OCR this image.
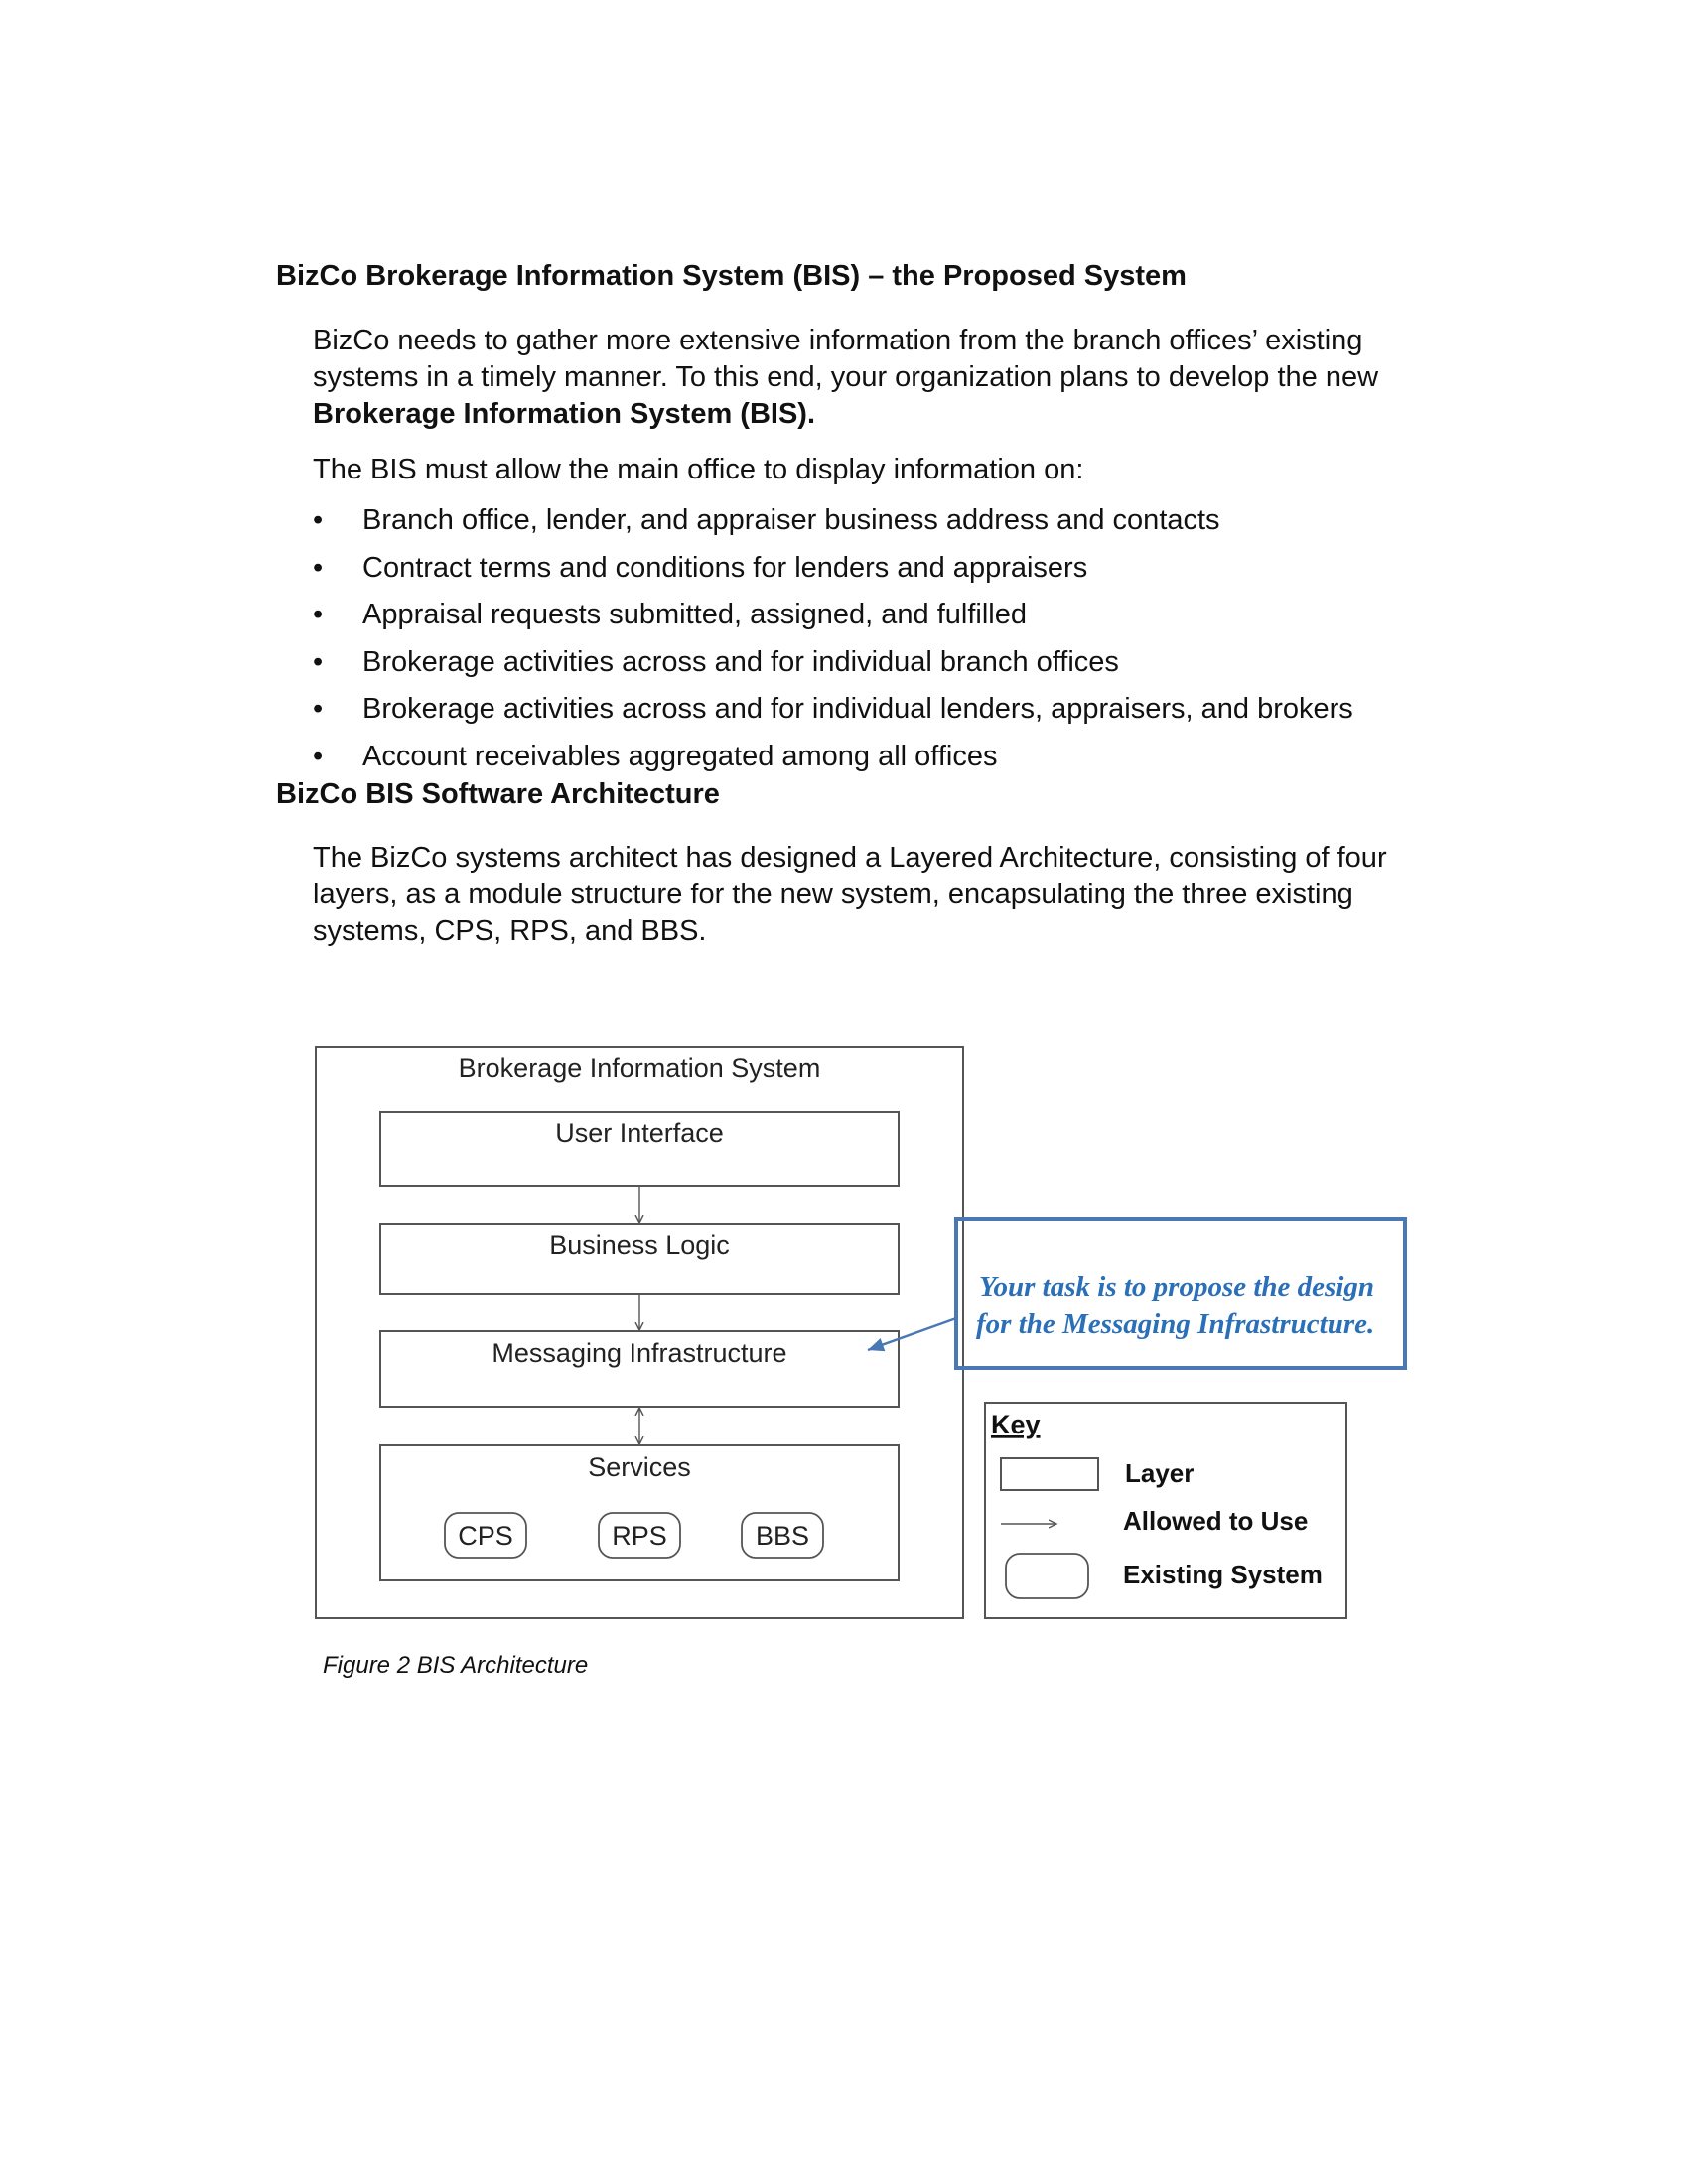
BizCo Brokerage Information System (BIS) – the Proposed System
BizCo needs to gather more extensive information from the branch offices’ existing
systems in a timely manner. To this end, your organization plans to develop the new
Brokerage Information System (BIS).
The BIS must allow the main office to display information on:
• Branch office, lender, and appraiser business address and contacts
• Contract terms and conditions for lenders and appraisers
• Appraisal requests submitted, assigned, and fulfilled
• Brokerage activities across and for individual branch offices
• Brokerage activities across and for individual lenders, appraisers, and brokers
• Account receivables aggregated among all offices
BizCo BIS Software Architecture
The BizCo systems architect has designed a Layered Architecture, consisting of four
layers, as a module structure for the new system, encapsulating the three existing
systems, CPS, RPS, and BBS.
Brokerage Information System
User Interface
Business Logic
Messaging Infrastructure
Services
CPS	RPS	BBS
Your task is to propose the design
for the Messaging Infrastructure.
Key
Layer
Allowed to Use
Existing System
Figure 2 BIS Architecture
